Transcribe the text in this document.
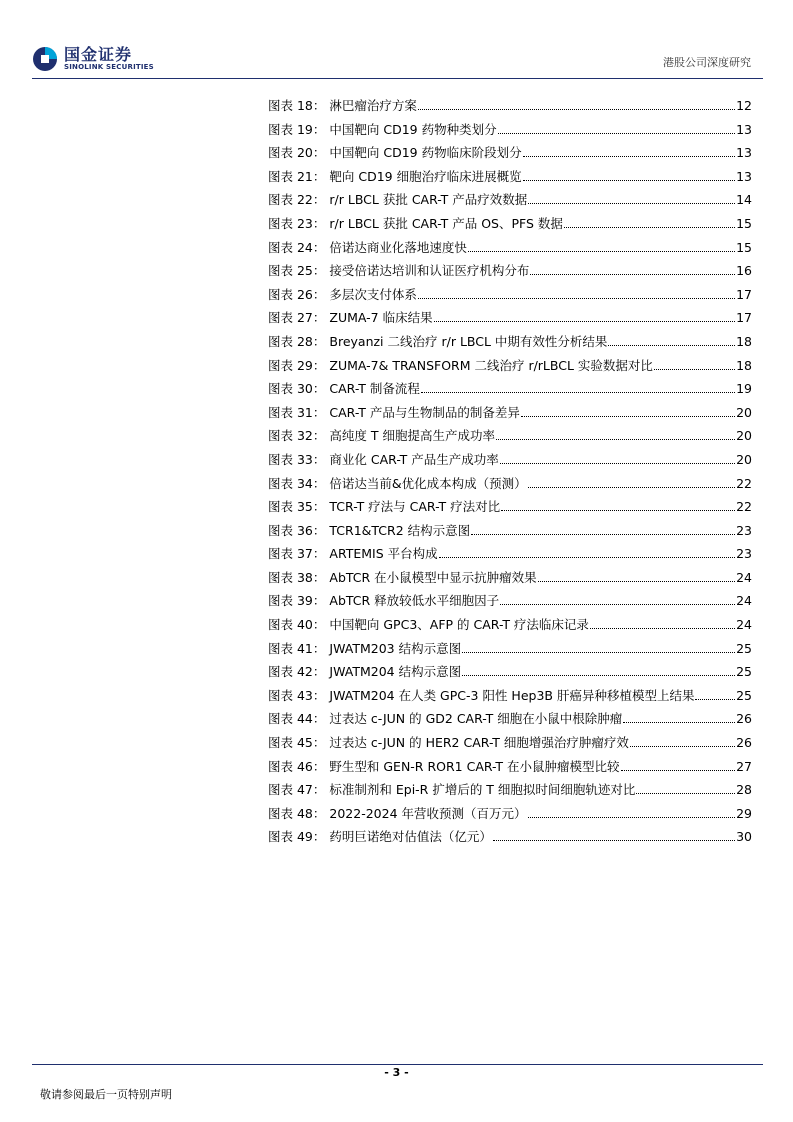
国金证券
SINOLINK SECURITIES	港股公司深度研究
图表 18： 淋巴瘤治疗方案	12
图表 19： 中国靶向 CD19 药物种类划分	13
图表 20： 中国靶向 CD19 药物临床阶段划分	13
图表 21： 靶向 CD19 细胞治疗临床进展概览	13
图表 22： r/r LBCL 获批 CAR-T 产品疗效数据	14
图表 23： r/r LBCL 获批 CAR-T 产品 OS、PFS 数据	15
图表 24： 倍诺达商业化落地速度快	15
图表 25： 接受倍诺达培训和认证医疗机构分布	16
图表 26： 多层次支付体系	17
图表 27： ZUMA-7 临床结果	17
图表 28： Breyanzi 二线治疗 r/r LBCL 中期有效性分析结果	18
图表 29： ZUMA-7& TRANSFORM 二线治疗 r/rLBCL 实验数据对比	18
图表 30： CAR-T 制备流程	19
图表 31： CAR-T 产品与生物制品的制备差异	20
图表 32： 高纯度 T 细胞提高生产成功率	20
图表 33： 商业化 CAR-T 产品生产成功率	20
图表 34： 倍诺达当前&优化成本构成（预测）	22
图表 35： TCR-T 疗法与 CAR-T 疗法对比	22
图表 36： TCR1&TCR2 结构示意图	23
图表 37： ARTEMIS 平台构成	23
图表 38： AbTCR 在小鼠模型中显示抗肿瘤效果	24
图表 39： AbTCR 释放较低水平细胞因子	24
图表 40： 中国靶向 GPC3、AFP 的 CAR-T 疗法临床记录	24
图表 41： JWATM203 结构示意图	25
图表 42： JWATM204 结构示意图	25
图表 43： JWATM204 在人类 GPC-3 阳性 Hep3B 肝癌异种移植模型上结果	25
图表 44： 过表达 c-JUN 的 GD2 CAR-T 细胞在小鼠中根除肿瘤	26
图表 45： 过表达 c-JUN 的 HER2 CAR-T 细胞增强治疗肿瘤疗效	26
图表 46： 野生型和 GEN-R ROR1 CAR-T 在小鼠肿瘤模型比较	27
图表 47： 标准制剂和 Epi-R 扩增后的 T 细胞拟时间细胞轨迹对比	28
图表 48： 2022-2024 年营收预测（百万元）	29
图表 49： 药明巨诺绝对估值法（亿元）	30
- 3 -
敬请参阅最后一页特别声明
